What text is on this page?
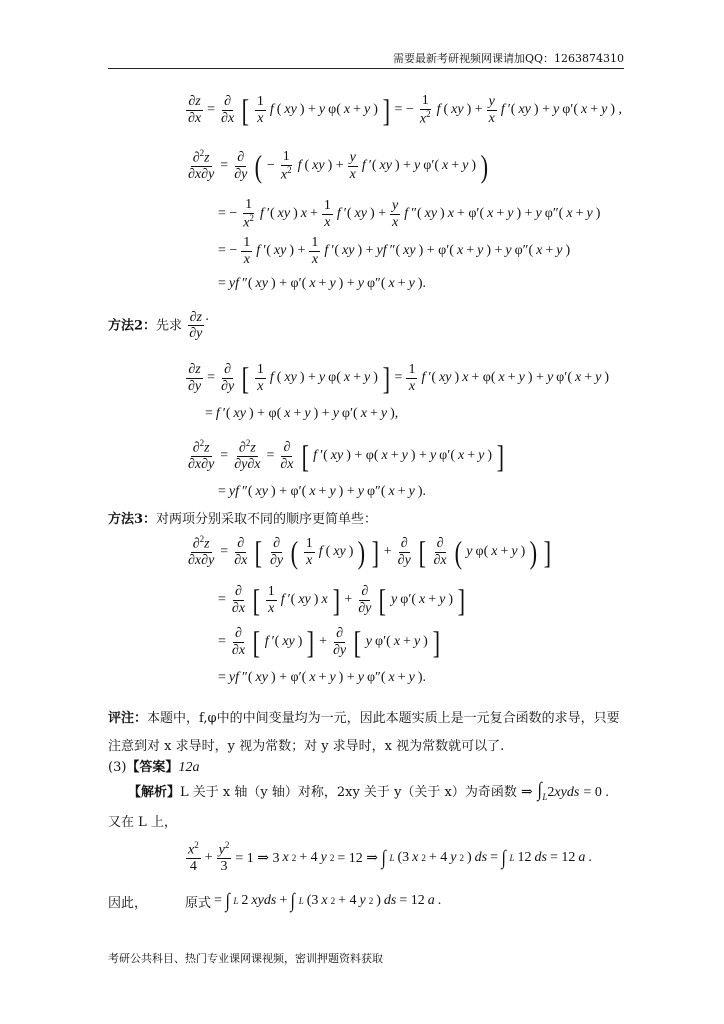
需要最新考研视频网课请加QQ：1263874310
$\frac{\partial z}{\partial x} = \frac{\partial}{\partial x}$ [ $\frac{1}{x}$ f ( xy ) + y φ( x + y ) ] = − $\frac{1}{x^2}$ f ( xy ) + $\frac{y}{x}$ f ′( xy ) + y φ′( x + y ) ,
$\frac{\partial^2z}{\partial x\partial y} = \frac{\partial}{\partial y}$ ( − $\frac{1}{x^2}$ f ( xy ) + $\frac{y}{x}$ f ′( xy ) + y φ′( x + y ) )
= − $\frac{1}{x^2}$ f ′( xy ) $x + \frac{1}{x}$ f ′( xy ) + $\frac{y}{x}$ f ″( xy ) x + φ′( x + y ) + y φ″( x + y )
= − $\frac{1}{x}$ f ′( xy ) + $\frac{1}{x}$ f ′( xy ) + yf ″( xy ) + φ′( x + y ) + y φ″( x + y )
= yf ″( xy ) + φ′( x + y ) + y φ″( x + y ).
方法2：先求 $\frac{\partial z}{\partial y}$ .
$\frac{\partial z}{\partial y} = \frac{\partial}{\partial y}$ [ $\frac{1}{x}$ f ( xy ) + y φ( x + y ) ] = $\frac{1}{x}$ f ′( xy ) x + φ( x + y ) + y φ′( x + y )
= f ′( xy ) + φ( x + y ) + y φ′( x + y ),
$\frac{\partial^2z}{\partial x\partial y} = \frac{\partial^2z}{\partial y\partial x} = \frac{\partial}{\partial x}$ [ f ′( xy ) + φ( x + y ) + y φ′( x + y ) ]
= yf ″( xy ) + φ′( x + y ) + y φ″( x + y ).
方法3：对两项分别采取不同的顺序更简单些：
$\frac{\partial^2z}{\partial x\partial y} = \frac{\partial}{\partial x}$ [ $\frac{\partial}{\partial y}$ ( $\frac{1}{x}$ f ( xy ) ) ] + $\frac{\partial}{\partial y}$ [ $\frac{\partial}{\partial x}$ ( y φ( x + y ) ) ]
= $\frac{\partial}{\partial x}$ [ $\frac{1}{x}$ f ′( xy ) x ] + $\frac{\partial}{\partial y}$ [ y φ′( x + y ) ]
= $\frac{\partial}{\partial x}$ [ f ′( xy ) ] + $\frac{\partial}{\partial y}$ [ y φ′( x + y ) ]
= yf ″( xy ) + φ′( x + y ) + y φ″( x + y ).
评注：本题中，f,φ中的中间变量均为一元，因此本题实质上是一元复合函数的求导，只要
注意到对 x 求导时，y 视为常数；对 y 求导时，x 视为常数就可以了.
(3)【答案】12a
【解析】L 关于 x 轴（y 轴）对称，2xy 关于 y（关于 x）为奇函数 ⇒ $\int_L2xyds = 0$ .
又在 L 上，
$\frac{x^2}{4} + \frac{y^2}{3} = 1$ ⇒ 3 x 2 + 4 y 2 = 12 ⇒ ∫ L (3 x 2 + 4 y 2 ) ds = ∫ L 12 ds = 12 a .
因此，	原式 = ∫ L 2 xyds + ∫ L (3 x 2 + 4 y 2 ) ds = 12 a .
考研公共科目、热门专业课网课视频，密训押题资料获取
